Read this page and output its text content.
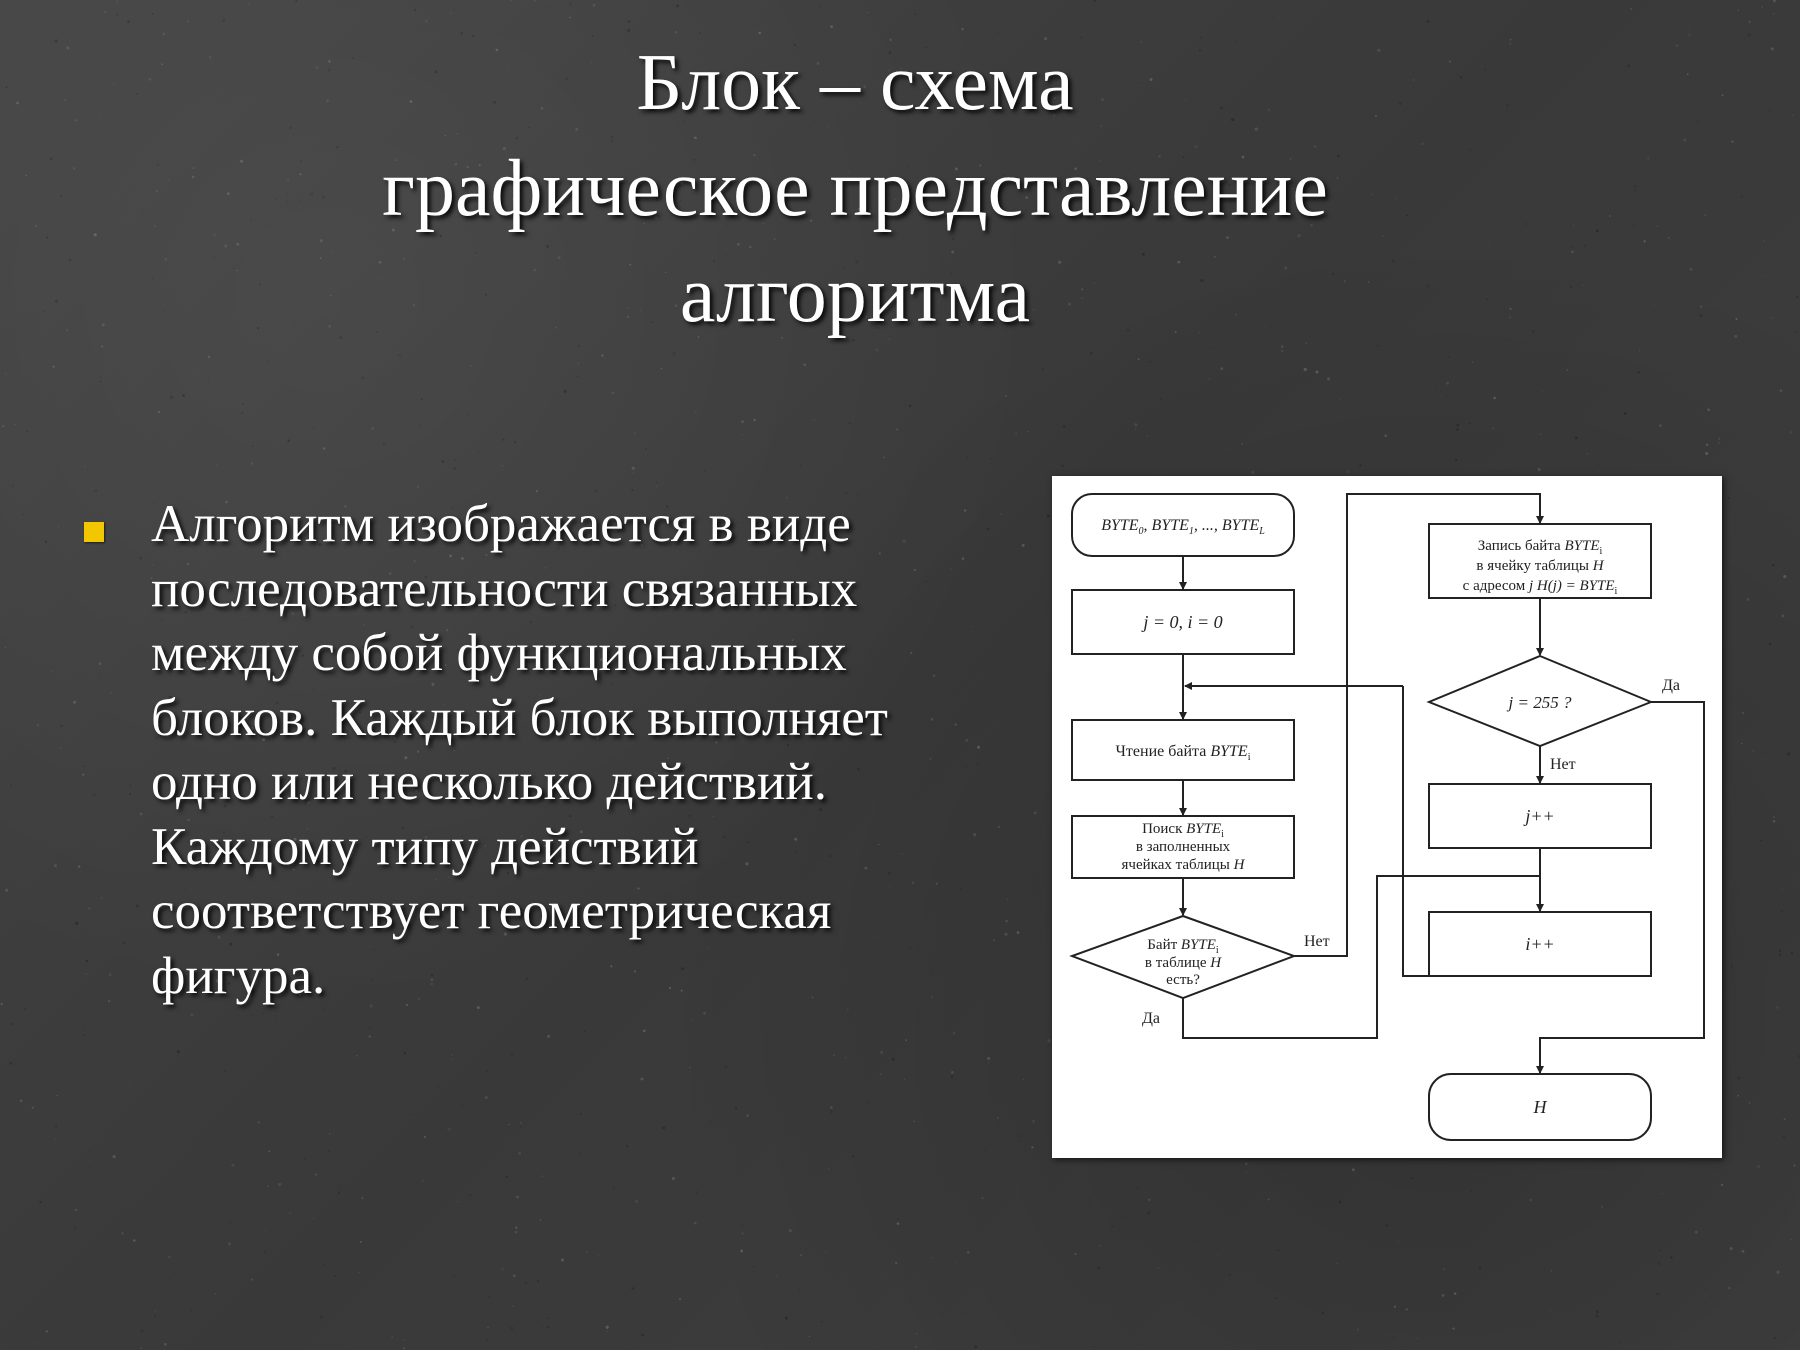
Блок – схема
графическое представление
алгоритма
Алгоритм изображается в виде
последовательности связанных
между собой функциональных
блоков. Каждый блок выполняет
одно или несколько действий.
Каждому типу действий
соответствует геометрическая
фигура.
$BYTE_0$, $BYTE_1$, ..., $BYTE_L$
j = 0, i = 0
Чтение байта $BYTE_i$
Поиск $BYTE_i$
в заполненных
ячейках таблицы H
Байт $BYTE_i$
в таблице H
есть?
Нет
Да
Запись байта $BYTE_i$
в ячейку таблицы H
с адресом j $H(j) = BYTE_i$
j = 255 ?
Да
Нет
j++
i++
H
